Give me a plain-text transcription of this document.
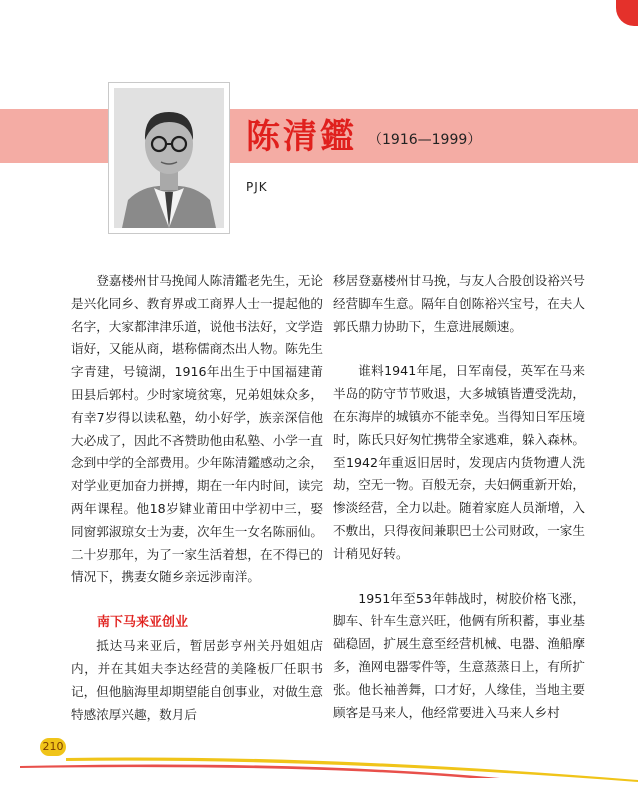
陈清鑑 （1916—1999）
PJK

登嘉楼州甘马挽闻人陈清鑑老先生，无论是兴化同乡、教育界或工商界人士一提起他的名字，大家都津津乐道，说他书法好，文学造诣好，又能从商，堪称儒商杰出人物。陈先生字青建，号镜湖，1916年出生于中国福建莆田县后郭村。少时家境贫寒，兄弟姐妹众多，有幸7岁得以读私塾，幼小好学，族亲深信他大必成了，因此不吝赞助他由私塾、小学一直念到中学的全部费用。少年陈清鑑感动之余，对学业更加奋力拼搏，期在一年内时间，读完两年课程。他18岁肄业莆田中学初中三，娶同窗郭淑琼女士为妻，次年生一女名陈丽仙。二十岁那年，为了一家生活着想，在不得已的情况下，携妻女随乡亲远涉南洋。

南下马来亚创业

抵达马来亚后，暂居彭亨州关丹姐姐店内，并在其姐夫李达经营的美隆板厂任职书记，但他脑海里却期望能自创事业，对做生意特感浓厚兴趣，数月后

移居登嘉楼州甘马挽，与友人合股创设裕兴号经营脚车生意。隔年自创陈裕兴宝号，在夫人郭氏鼎力协助下，生意进展颇速。

谁料1941年尾，日军南侵，英军在马来半岛的防守节节败退，大多城镇皆遭受洗劫，在东海岸的城镇亦不能幸免。当得知日军压境时，陈氏只好匆忙携带全家逃难，躲入森林。至1942年重返旧居时，发现店内货物遭人洗劫，空无一物。百般无奈，夫妇俩重新开始，惨淡经营，全力以赴。随着家庭人员渐增，入不敷出，只得夜间兼职巴士公司财政，一家生计稍见好转。

1951年至53年韩战时，树胶价格飞涨，脚车、针车生意兴旺，他俩有所积蓄，事业基础稳固，扩展生意至经营机械、电器、渔船摩多，渔网电器零件等，生意蒸蒸日上，有所扩张。他长袖善舞，口才好，人缘佳，当地主要顾客是马来人，他经常要进入马来人乡村

210
